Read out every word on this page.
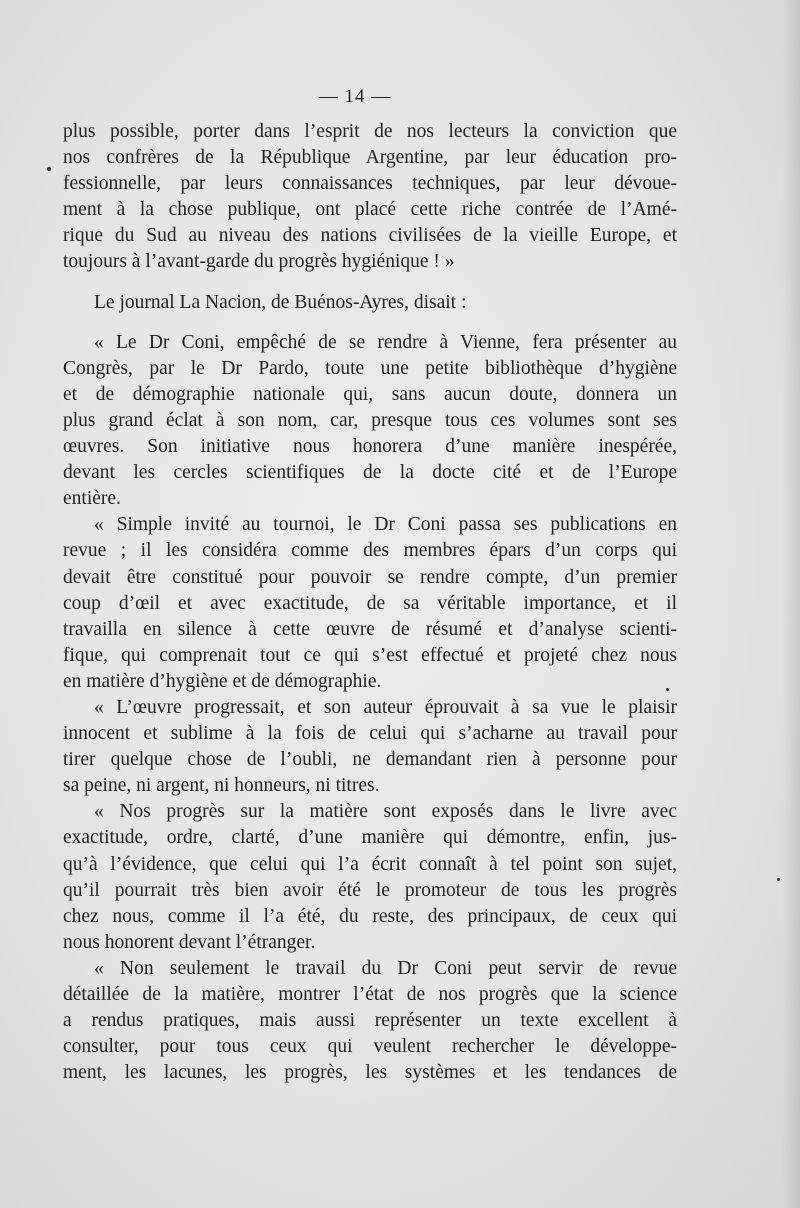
— 14 —
plus possible, porter dans l’esprit de nos lecteurs la conviction que
nos confrères de la République Argentine, par leur éducation pro-
fessionnelle, par leurs connaissances techniques, par leur dévoue-
ment à la chose publique, ont placé cette riche contrée de l’Amé-
rique du Sud au niveau des nations civilisées de la vieille Europe, et
toujours à l’avant-garde du progrès hygiénique ! »
Le journal La Nacion, de Buénos-Ayres, disait :
« Le Dr Coni, empêché de se rendre à Vienne, fera présenter au
Congrès, par le Dr Pardo, toute une petite bibliothèque d’hygiène
et de démographie nationale qui, sans aucun doute, donnera un
plus grand éclat à son nom, car, presque tous ces volumes sont ses
œuvres. Son initiative nous honorera d’une manière inespérée,
devant les cercles scientifiques de la docte cité et de l’Europe
entière.
« Simple invité au tournoi, le Dr Coni passa ses publications en
revue ; il les considéra comme des membres épars d’un corps qui
devait être constitué pour pouvoir se rendre compte, d’un premier
coup d’œil et avec exactitude, de sa véritable importance, et il
travailla en silence à cette œuvre de résumé et d’analyse scienti-
fique, qui comprenait tout ce qui s’est effectué et projeté chez nous
en matière d’hygiène et de démographie.
« L’œuvre progressait, et son auteur éprouvait à sa vue le plaisir
innocent et sublime à la fois de celui qui s’acharne au travail pour
tirer quelque chose de l’oubli, ne demandant rien à personne pour
sa peine, ni argent, ni honneurs, ni titres.
« Nos progrès sur la matière sont exposés dans le livre avec
exactitude, ordre, clarté, d’une manière qui démontre, enfin, jus-
qu’à l’évidence, que celui qui l’a écrit connaît à tel point son sujet,
qu’il pourrait très bien avoir été le promoteur de tous les progrès
chez nous, comme il l’a été, du reste, des principaux, de ceux qui
nous honorent devant l’étranger.
« Non seulement le travail du Dr Coni peut servir de revue
détaillée de la matière, montrer l’état de nos progrès que la science
a rendus pratiques, mais aussi représenter un texte excellent à
consulter, pour tous ceux qui veulent rechercher le développe-
ment, les lacunes, les progrès, les systèmes et les tendances de
